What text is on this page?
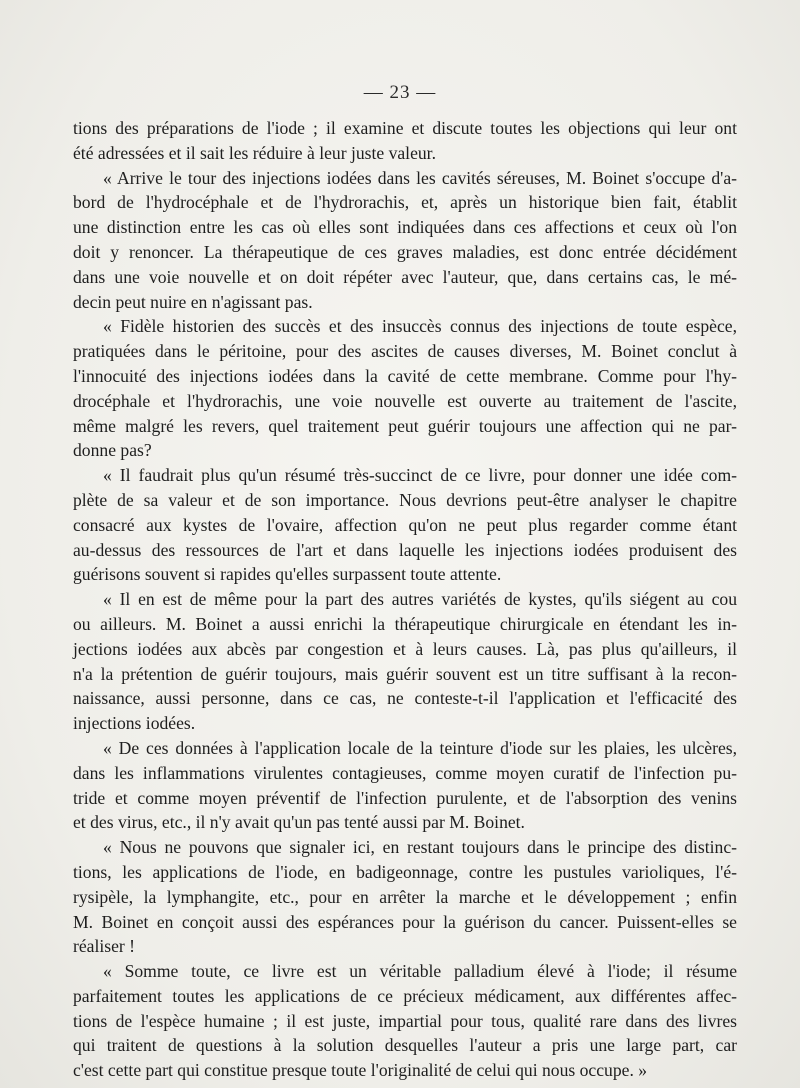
— 23 —
tions des préparations de l'iode ; il examine et discute toutes les objections qui leur ont
été adressées et il sait les réduire à leur juste valeur.
« Arrive le tour des injections iodées dans les cavités séreuses, M. Boinet s'occupe d'a-
bord de l'hydrocéphale et de l'hydrorachis, et, après un historique bien fait, établit
une distinction entre les cas où elles sont indiquées dans ces affections et ceux où l'on
doit y renoncer. La thérapeutique de ces graves maladies, est donc entrée décidément
dans une voie nouvelle et on doit répéter avec l'auteur, que, dans certains cas, le mé-
decin peut nuire en n'agissant pas.
« Fidèle historien des succès et des insuccès connus des injections de toute espèce,
pratiquées dans le péritoine, pour des ascites de causes diverses, M. Boinet conclut à
l'innocuité des injections iodées dans la cavité de cette membrane. Comme pour l'hy-
drocéphale et l'hydrorachis, une voie nouvelle est ouverte au traitement de l'ascite,
même malgré les revers, quel traitement peut guérir toujours une affection qui ne par-
donne pas?
« Il faudrait plus qu'un résumé très-succinct de ce livre, pour donner une idée com-
plète de sa valeur et de son importance. Nous devrions peut-être analyser le chapitre
consacré aux kystes de l'ovaire, affection qu'on ne peut plus regarder comme étant
au-dessus des ressources de l'art et dans laquelle les injections iodées produisent des
guérisons souvent si rapides qu'elles surpassent toute attente.
« Il en est de même pour la part des autres variétés de kystes, qu'ils siégent au cou
ou ailleurs. M. Boinet a aussi enrichi la thérapeutique chirurgicale en étendant les in-
jections iodées aux abcès par congestion et à leurs causes. Là, pas plus qu'ailleurs, il
n'a la prétention de guérir toujours, mais guérir souvent est un titre suffisant à la recon-
naissance, aussi personne, dans ce cas, ne conteste-t-il l'application et l'efficacité des
injections iodées.
« De ces données à l'application locale de la teinture d'iode sur les plaies, les ulcères,
dans les inflammations virulentes contagieuses, comme moyen curatif de l'infection pu-
tride et comme moyen préventif de l'infection purulente, et de l'absorption des venins
et des virus, etc., il n'y avait qu'un pas tenté aussi par M. Boinet.
« Nous ne pouvons que signaler ici, en restant toujours dans le principe des distinc-
tions, les applications de l'iode, en badigeonnage, contre les pustules varioliques, l'é-
rysipèle, la lymphangite, etc., pour en arrêter la marche et le développement ; enfin
M. Boinet en conçoit aussi des espérances pour la guérison du cancer. Puissent-elles se
réaliser !
« Somme toute, ce livre est un véritable palladium élevé à l'iode; il résume
parfaitement toutes les applications de ce précieux médicament, aux différentes affec-
tions de l'espèce humaine ; il est juste, impartial pour tous, qualité rare dans des livres
qui traitent de questions à la solution desquelles l'auteur a pris une large part, car
c'est cette part qui constitue presque toute l'originalité de celui qui nous occupe. »
